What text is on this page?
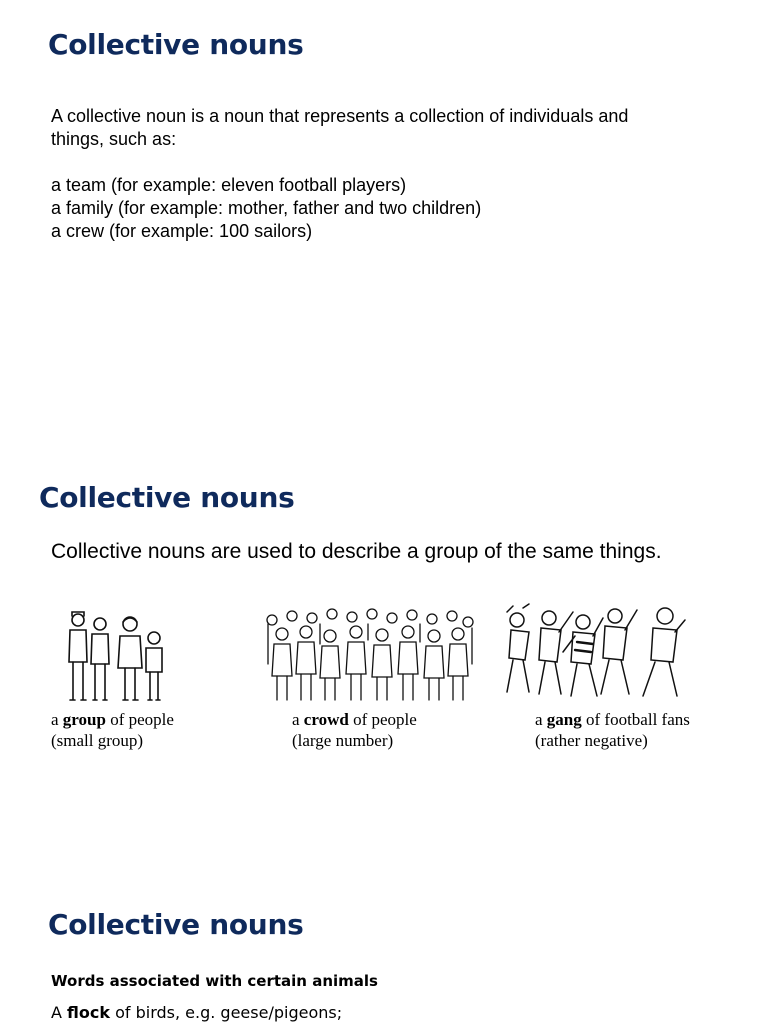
Collective nouns

A collective noun is a noun that represents a collection of individuals and

things, such as:

a team (for example: eleven football players)

a family (for example: mother, father and two children)

a crew (for example: 100 sailors)

Collective nouns

Collective nouns are used to describe a group of the same things.

a group of people
(small group)
a crowd of people
(large number)
a gang of football fans
(rather negative)
Collective nouns
Words associated with certain animals
A flock of birds, e.g. geese/pigeons;
